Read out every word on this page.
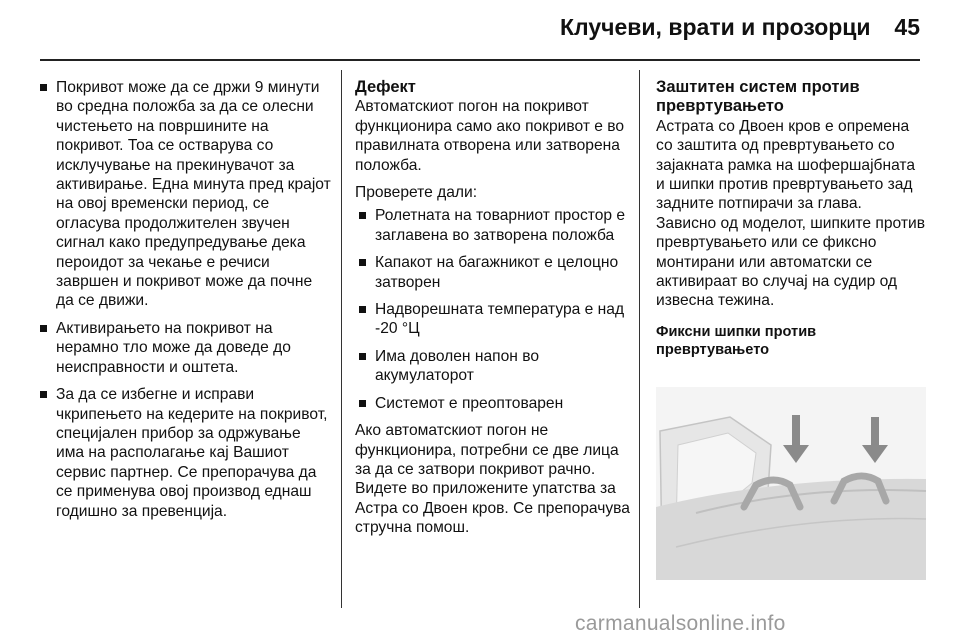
Клучеви, врати и прозорци 45
Покривот може да се држи 9 минути во средна положба за да се олесни чистењето на површините на покривот. Тоа се оствaрува со исклучување на прекинувачот за активирање. Една минута пред крајот на овој временски период, се огласува продолжителен звучен сигнал како предупредување дека пероидот за чекање е речиси завршен и покривот може да почне да се движи.
Активирањето на покривот на нерамно тло може да доведе до неисправности и оштета.
За да се избегне и исправи чкрипењето на кедерите на покривот, специјален прибор за одржување има на располагање кај Вашиот сервис партнер. Се препорачува да се применува овој производ еднаш годишно за превенција.
Дефект

Автоматскиот погон на покривот функционира само ако покривот е во правилната отворена или затворена положба.

Проверете дали:

Ролетната на товарниот простор е заглавена во затворена положба
Капакот на багажникот е целоцно затворен
Надворешната температура е над -20 °Ц
Има доволен напон во акумулаторот
Системот е преоптоварен

Ако автоматскиот погон не функционира, потребни се две лица за да се затвори покривот рачно. Видете во приложените упатства за Астра со Двоен кров. Се препорачува стручна помош.

Заштитен систем против превртувањето

Астрата со Двоен кров е опремена со заштита од превртувањето со зајакната рамка на шофершајбната и шипки против превртувањето зад задните потпирачи за глава. Зависно од моделот, шипките против превртувањето или се фиксно монтирани или автоматски се активираат во случај на судир од извесна тежина.

Фиксни шипки против превртувањето
carmanualsonline.info
